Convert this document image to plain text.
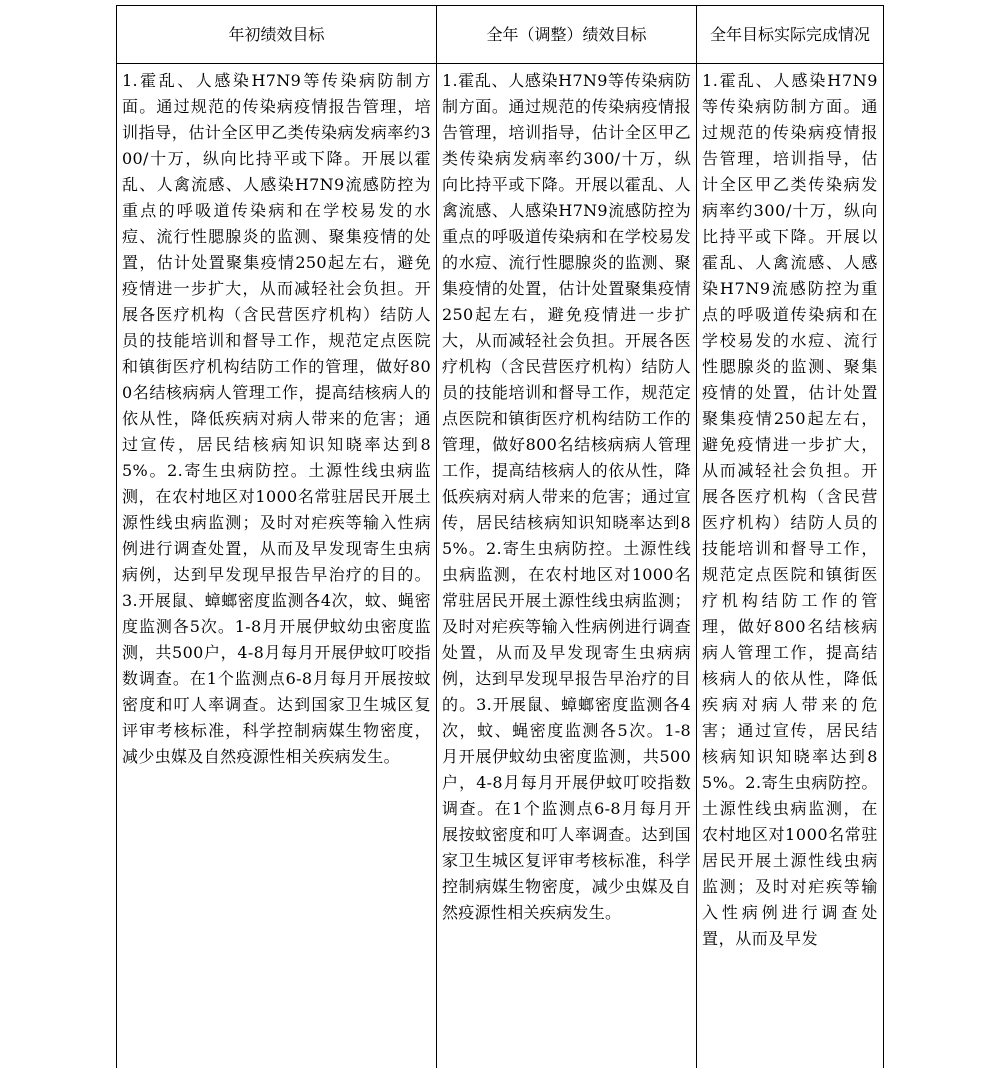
年初绩效目标
1.霍乱、人感染H7N9等传染病防制方面。通过规范的传染病疫情报告管理，培训指导，估计全区甲乙类传染病发病率约300/十万，纵向比持平或下降。开展以霍乱、人禽流感、人感染H7N9流感防控为重点的呼吸道传染病和在学校易发的水痘、流行性腮腺炎的监测、聚集疫情的处置，估计处置聚集疫情250起左右，避免疫情进一步扩大，从而减轻社会负担。开展各医疗机构（含民营医疗机构）结防人员的技能培训和督导工作，规范定点医院和镇街医疗机构结防工作的管理，做好800名结核病病人管理工作，提高结核病人的依从性，降低疾病对病人带来的危害；通过宣传，居民结核病知识知晓率达到85%。2.寄生虫病防控。土源性线虫病监测，在农村地区对1000名常驻居民开展土源性线虫病监测；及时对疟疾等输入性病例进行调查处置，从而及早发现寄生虫病病例，达到早发现早报告早治疗的目的。3.开展鼠、蟑螂密度监测各4次，蚊、蝇密度监测各5次。1-8月开展伊蚊幼虫密度监测，共500户，4-8月每月开展伊蚊叮咬指数调查。在1个监测点6-8月每月开展按蚊密度和叮人率调查。达到国家卫生城区复评审考核标准，科学控制病媒生物密度，减少虫媒及自然疫源性相关疾病发生。
全年（调整）绩效目标
1.霍乱、人感染H7N9等传染病防制方面。通过规范的传染病疫情报告管理，培训指导，估计全区甲乙类传染病发病率约300/十万，纵向比持平或下降。开展以霍乱、人禽流感、人感染H7N9流感防控为重点的呼吸道传染病和在学校易发的水痘、流行性腮腺炎的监测、聚集疫情的处置，估计处置聚集疫情250起左右，避免疫情进一步扩大，从而减轻社会负担。开展各医疗机构（含民营医疗机构）结防人员的技能培训和督导工作，规范定点医院和镇街医疗机构结防工作的管理，做好800名结核病病人管理工作，提高结核病人的依从性，降低疾病对病人带来的危害；通过宣传，居民结核病知识知晓率达到85%。2.寄生虫病防控。土源性线虫病监测，在农村地区对1000名常驻居民开展土源性线虫病监测；及时对疟疾等输入性病例进行调查处置，从而及早发现寄生虫病病例，达到早发现早报告早治疗的目的。3.开展鼠、蟑螂密度监测各4次，蚊、蝇密度监测各5次。1-8月开展伊蚊幼虫密度监测，共500户，4-8月每月开展伊蚊叮咬指数调查。在1个监测点6-8月每月开展按蚊密度和叮人率调查。达到国家卫生城区复评审考核标准，科学控制病媒生物密度，减少虫媒及自然疫源性相关疾病发生。
全年目标实际完成情况
1.霍乱、人感染H7N9等传染病防制方面。通过规范的传染病疫情报告管理，培训指导，估计全区甲乙类传染病发病率约300/十万，纵向比持平或下降。开展以霍乱、人禽流感、人感染H7N9流感防控为重点的呼吸道传染病和在学校易发的水痘、流行性腮腺炎的监测、聚集疫情的处置，估计处置聚集疫情250起左右，避免疫情进一步扩大，从而减轻社会负担。开展各医疗机构（含民营医疗机构）结防人员的技能培训和督导工作，规范定点医院和镇街医疗机构结防工作的管理，做好800名结核病病人管理工作，提高结核病人的依从性，降低疾病对病人带来的危害；通过宣传，居民结核病知识知晓率达到85%。2.寄生虫病防控。土源性线虫病监测，在农村地区对1000名常驻居民开展土源性线虫病监测；及时对疟疾等输入性病例进行调查处置，从而及早发
